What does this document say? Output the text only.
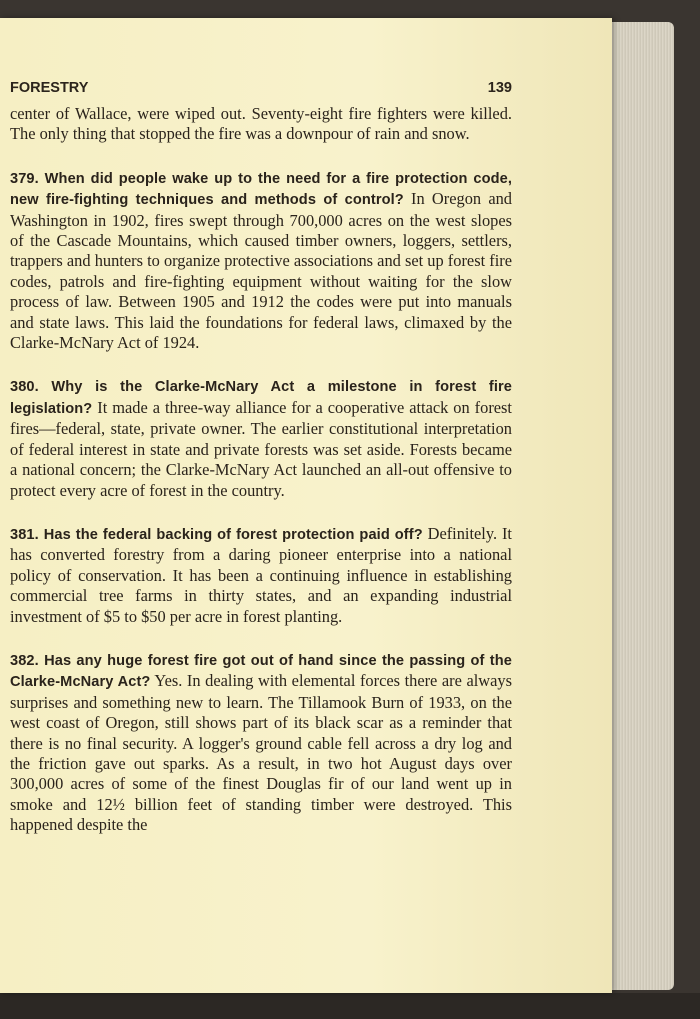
FORESTRY	139

center of Wallace, were wiped out. Seventy-eight fire fighters were killed. The only thing that stopped the fire was a downpour of rain and snow.

379. When did people wake up to the need for a fire protection code, new fire-fighting techniques and methods of control? In Oregon and Washington in 1902, fires swept through 700,000 acres on the west slopes of the Cascade Mountains, which caused timber owners, loggers, settlers, trappers and hunters to organize protective associations and set up forest fire codes, patrols and fire-fighting equipment without waiting for the slow process of law. Between 1905 and 1912 the codes were put into manuals and state laws. This laid the foundations for federal laws, climaxed by the Clarke-McNary Act of 1924.

380. Why is the Clarke-McNary Act a milestone in forest fire legislation? It made a three-way alliance for a cooperative attack on forest fires—federal, state, private owner. The earlier constitutional interpretation of federal interest in state and private forests was set aside. Forests became a national concern; the Clarke-McNary Act launched an all-out offensive to protect every acre of forest in the country.

381. Has the federal backing of forest protection paid off? Definitely. It has converted forestry from a daring pioneer enterprise into a national policy of conservation. It has been a continuing influence in establishing commercial tree farms in thirty states, and an expanding industrial investment of $5 to $50 per acre in forest planting.

382. Has any huge forest fire got out of hand since the passing of the Clarke-McNary Act? Yes. In dealing with elemental forces there are always surprises and something new to learn. The Tillamook Burn of 1933, on the west coast of Oregon, still shows part of its black scar as a reminder that there is no final security. A logger's ground cable fell across a dry log and the friction gave out sparks. As a result, in two hot August days over 300,000 acres of some of the finest Douglas fir of our land went up in smoke and 12½ billion feet of standing timber were destroyed. This happened despite the
